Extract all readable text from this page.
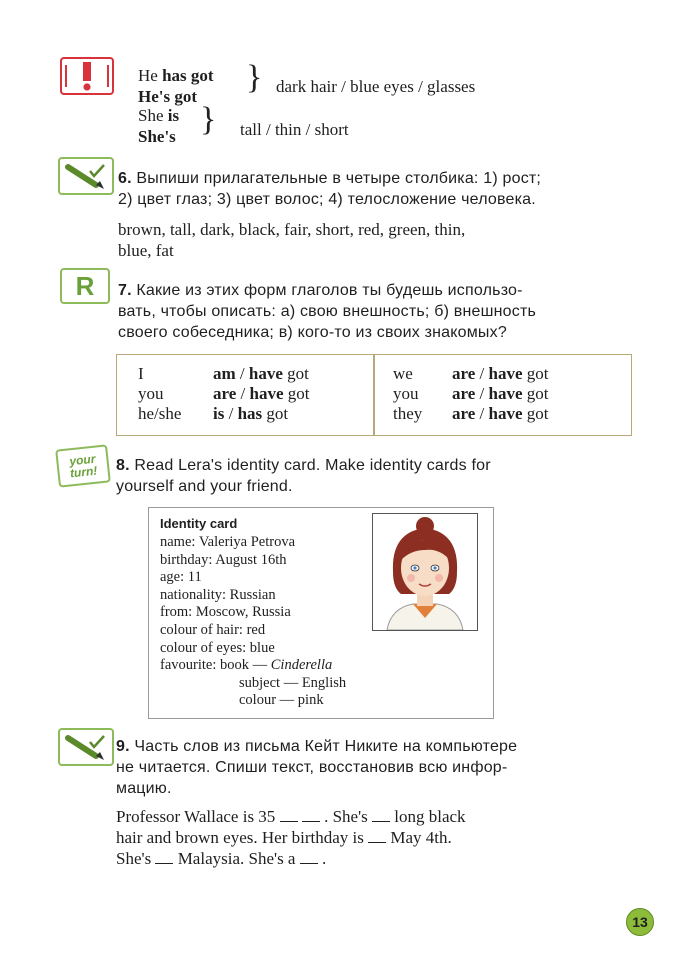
He has got
He's got
} dark hair / blue eyes / glasses
She is
She's } tall / thin / short
6. Выпиши прилагательные в четыре столбика: 1) рост;
2) цвет глаз; 3) цвет волос; 4) телосложение человека.
brown, tall, dark, black, fair, short, red, green, thin,
blue, fat
R 7. Какие из этих форм глаголов ты будешь использо-
вать, чтобы описать: а) свою внешность; б) внешность
своего собеседника; в) кого-то из своих знакомых?
I	am / have got
you	are / have got
he/she is / has got
we are / have got
you are / have got
they are / have got
your
turn! 8. Read Lera's identity card. Make identity cards for
yourself and your friend.
Identity card
name: Valeriya Petrova
birthday: August 16th
age: 11
nationality: Russian
from: Moscow, Russia
colour of hair: red
colour of eyes: blue
favourite: book — Cinderella
subject — English
colour — pink
9. Часть слов из письма Кейт Никите на компьютере
не читается. Спиши текст, восстановив всю инфор-
мацию.
Professor Wallace is 35	. She's long black
hair and brown eyes. Her birthday is May 4th.
She's Malaysia. She's a .
13
